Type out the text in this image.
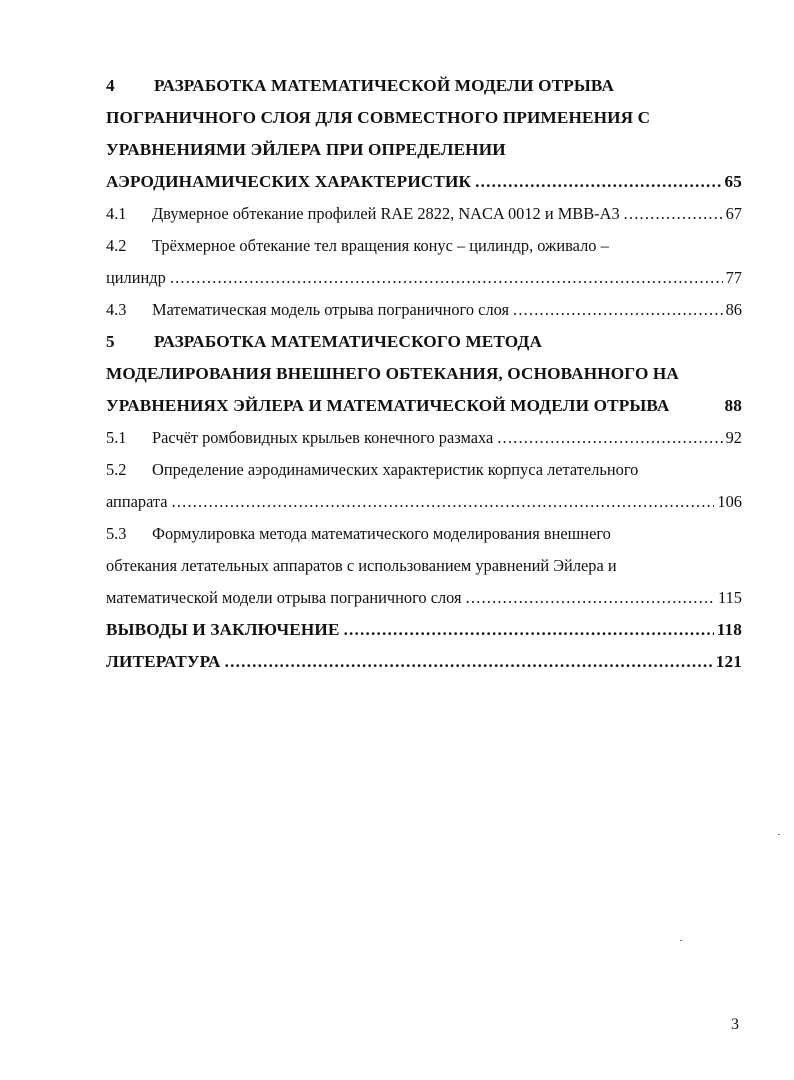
4 РАЗРАБОТКА МАТЕМАТИЧЕСКОЙ МОДЕЛИ ОТРЫВА
ПОГРАНИЧНОГО СЛОЯ ДЛЯ СОВМЕСТНОГО ПРИМЕНЕНИЯ С
УРАВНЕНИЯМИ ЭЙЛЕРА ПРИ ОПРЕДЕЛЕНИИ
АЭРОДИНАМИЧЕСКИХ ХАРАКТЕРИСТИК .....	65
4.1 Двумерное обтекание профилей RAE 2822, NACA 0012 и MBB-A3 .....	67
4.2 Трёхмерное обтекание тел вращения конус – цилиндр, оживало –
цилиндр .....	77
4.3 Математическая модель отрыва пограничного слоя .....	86
5 РАЗРАБОТКА МАТЕМАТИЧЕСКОГО МЕТОДА
МОДЕЛИРОВАНИЯ ВНЕШНЕГО ОБТЕКАНИЯ, ОСНОВАННОГО НА
УРАВНЕНИЯХ ЭЙЛЕРА И МАТЕМАТИЧЕСКОЙ МОДЕЛИ ОТРЫВА	88
5.1 Расчёт ромбовидных крыльев конечного размаха .....	92
5.2 Определение аэродинамических характеристик корпуса летательного
аппарата .....	106
5.3 Формулировка метода математического моделирования внешнего
обтекания летательных аппаратов с использованием уравнений Эйлера и
математической модели отрыва пограничного слоя .....	115
ВЫВОДЫ И ЗАКЛЮЧЕНИЕ .....	118
ЛИТЕРАТУРА .....	121
3
